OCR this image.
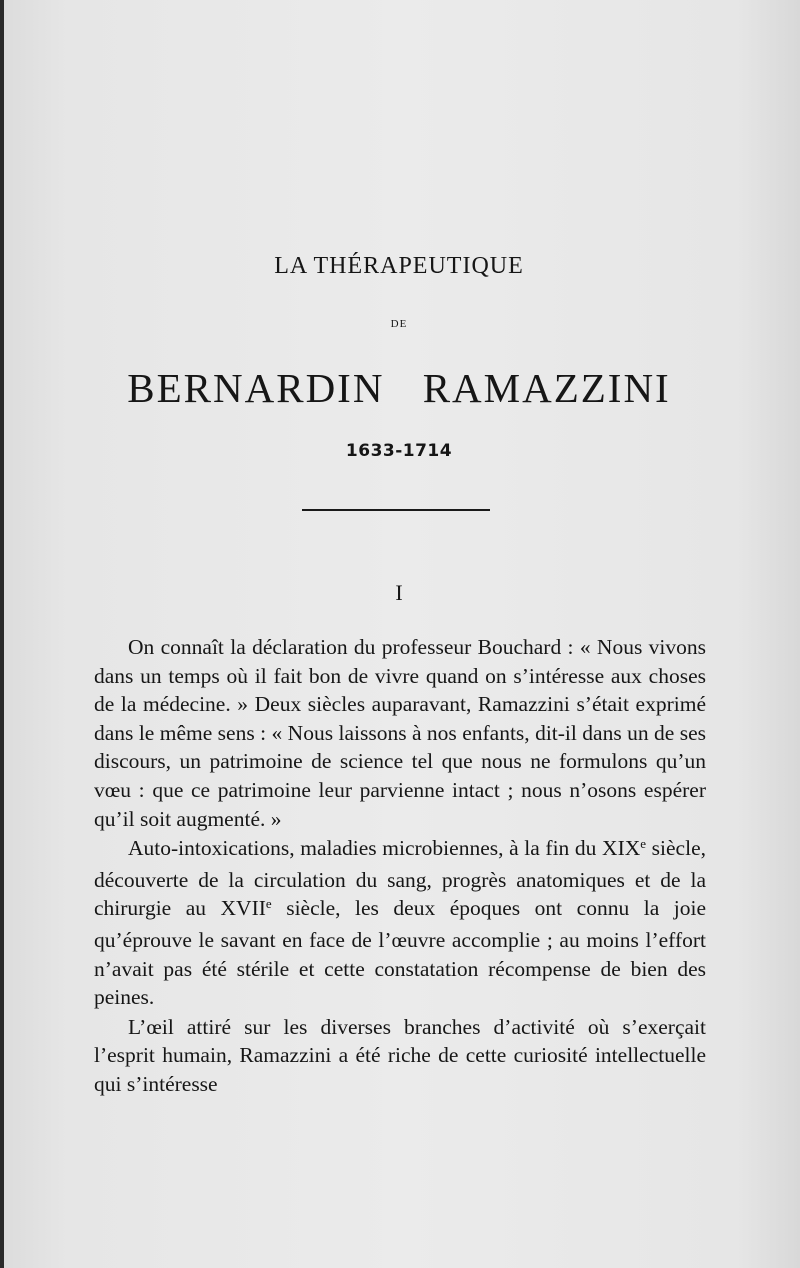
LA THÉRAPEUTIQUE
DE
BERNARDIN RAMAZZINI
1633-1714
I

On connaît la déclaration du professeur Bouchard : « Nous vivons dans un temps où il fait bon de vivre quand on s’intéresse aux choses de la médecine. » Deux siècles auparavant, Ramazzini s’était exprimé dans le même sens : « Nous laissons à nos enfants, dit-il dans un de ses discours, un patrimoine de science tel que nous ne formulons qu’un vœu : que ce patrimoine leur parvienne intact ; nous n’osons espérer qu’il soit augmenté. »

Auto-intoxications, maladies microbiennes, à la fin du XIXe siècle, découverte de la circulation du sang, progrès anatomiques et de la chirurgie au XVIIe siècle, les deux époques ont connu la joie qu’éprouve le savant en face de l’œuvre accomplie ; au moins l’effort n’avait pas été stérile et cette constatation récompense de bien des peines.

L’œil attiré sur les diverses branches d’activité où s’exerçait l’esprit humain, Ramazzini a été riche de cette curiosité intellectuelle qui s’intéresse
